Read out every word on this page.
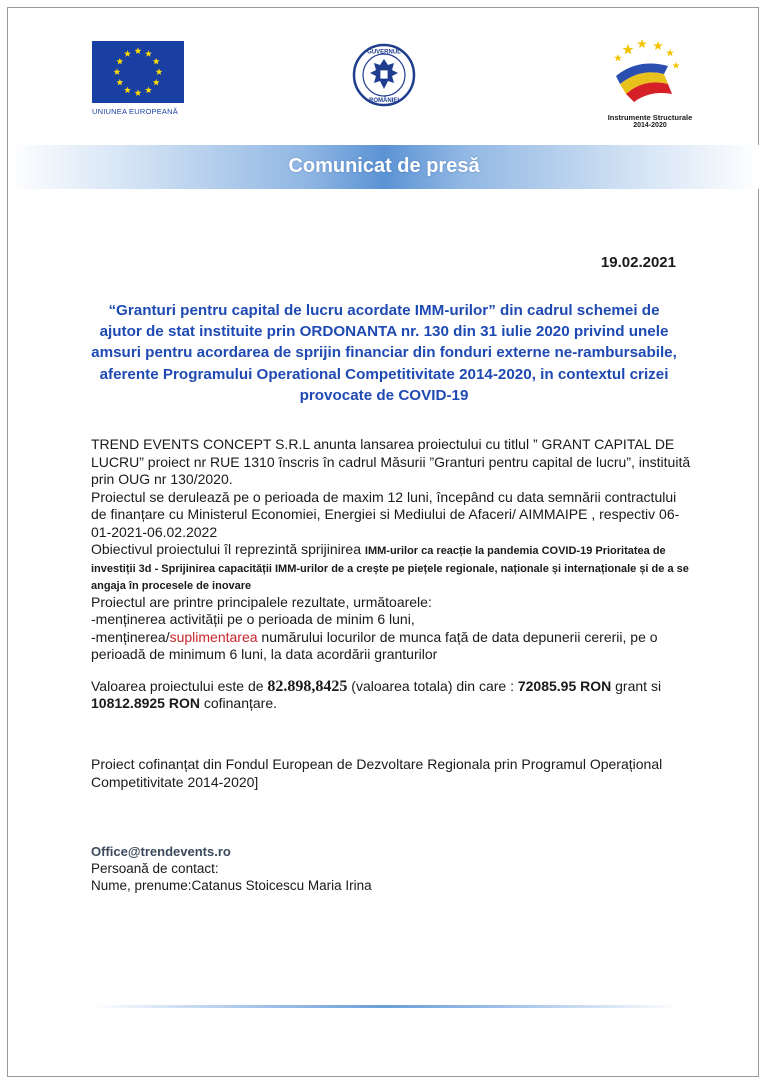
UNIUNEA EUROPEANĂ
GUVERNUL
ROMÂNIEI
Instrumente Structurale
2014-2020
Comunicat de presă
19.02.2021
“Granturi pentru capital de lucru acordate IMM-urilor” din cadrul schemei de ajutor de stat instituite prin ORDONANTA nr. 130 din 31 iulie 2020 privind unele amsuri pentru acordarea de sprijin financiar din fonduri externe ne-rambursabile, aferente Programului Operational Competitivitate 2014-2020, in contextul crizei provocate de COVID-19

TREND EVENTS CONCEPT S.R.L anunta lansarea proiectului cu titlul ” GRANT CAPITAL DE LUCRU” proiect nr RUE 1310 înscris în cadrul Măsurii ”Granturi pentru capital de lucru”, instituită prin OUG nr 130/2020.

Proiectul se derulează pe o perioada de maxim 12 luni, începând cu data semnării contractului de finanțare cu Ministerul Economiei, Energiei si Mediului de Afaceri/ AIMMAIPE , respectiv 06-01-2021-06.02.2022

Obiectivul proiectului îl reprezintă sprijinirea IMM-urilor ca reacție la pandemia COVID-19 Prioritatea de investiții 3d - Sprijinirea capacității IMM-urilor de a crește pe piețele regionale, naționale și internaționale și de a se angaja în procesele de inovare

Proiectul are printre principalele rezultate, următoarele:

-menținerea activității pe o perioada de minim 6 luni,

-menținerea/suplimentarea numărului locurilor de munca față de data depunerii cererii, pe o perioadă de minimum 6 luni, la data acordării granturilor

Valoarea proiectului este de 82.898,8425 (valoarea totala) din care : 72085.95 RON grant si 10812.8925 RON cofinanțare.

Proiect cofinanțat din Fondul European de Dezvoltare Regionala prin Programul Operațional Competitivitate 2014-2020]
Office@trendevents.ro
Persoană de contact:
Nume, prenume:Catanus Stoicescu Maria Irina
